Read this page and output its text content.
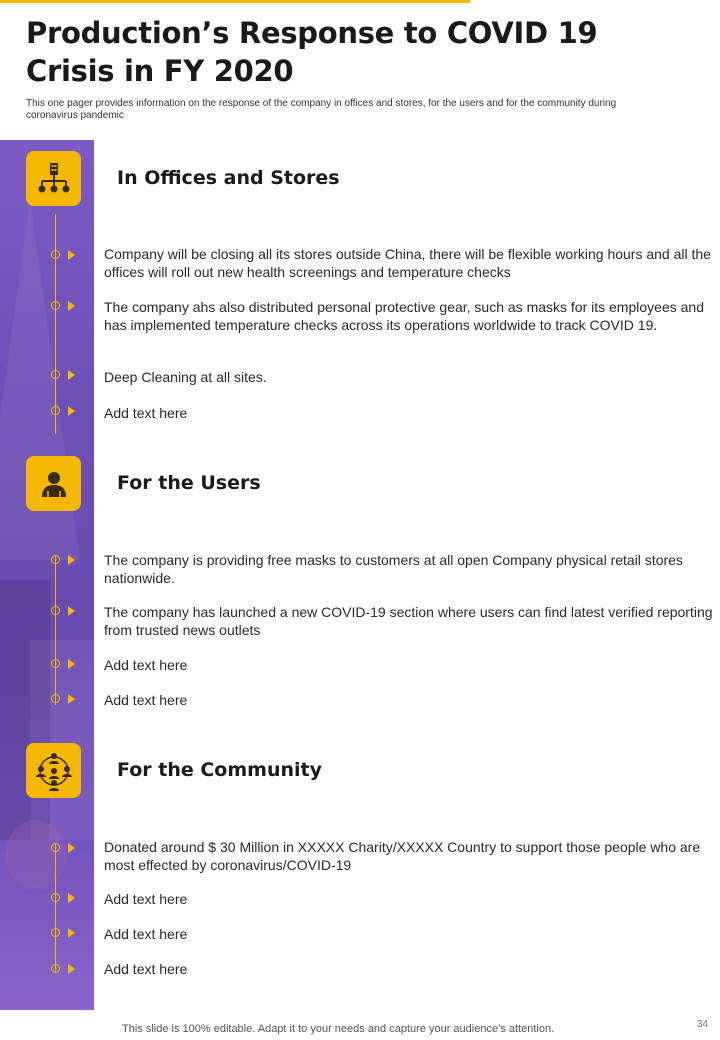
Production’s Response to COVID 19 Crisis in FY 2020
This one pager provides information on the response of the company in offices and stores, for the users and for the community during coronavirus pandemic
In Offices and Stores
Company will be closing all its stores outside China, there will be flexible working hours and all the offices will roll out new health screenings and temperature checks
The company ahs also distributed personal protective gear, such as masks for its employees and has implemented temperature checks across its operations worldwide to track COVID 19.
Deep Cleaning at all sites.
Add text here
For the Users
The company is providing free masks to customers at all open Company physical retail stores nationwide.
The company has launched a new COVID-19 section where users can find latest verified reporting from trusted news outlets
Add text here
Add text here
For the Community
Donated around $ 30 Million in XXXXX Charity/XXXXX Country to support those people who are most effected by coronavirus/COVID-19
Add text here
Add text here
Add text here
This slide is 100% editable. Adapt it to your needs and capture your audience’s attention.	34
